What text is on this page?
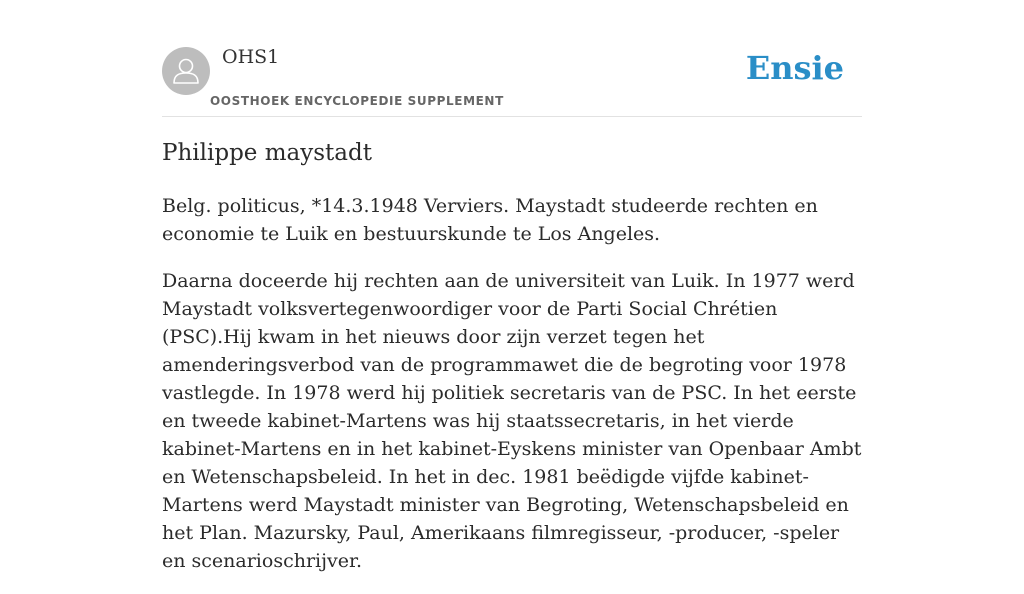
OHS1
OOSTHOEK ENCYCLOPEDIE SUPPLEMENT
Ensie
Philippe maystadt

Belg. politicus, *14.3.1948 Verviers. Maystadt studeerde rechten en economie te Luik en bestuurskunde te Los Angeles.

Daarna doceerde hij rechten aan de universiteit van Luik. In 1977 werd Maystadt volksvertegenwoordiger voor de Parti Social Chrétien (PSC).Hij kwam in het nieuws door zijn verzet tegen het amenderingsverbod van de programmawet die de begroting voor 1978 vastlegde. In 1978 werd hij politiek secretaris van de PSC. In het eerste en tweede kabinet-Martens was hij staatssecretaris, in het vierde kabinet-Martens en in het kabinet-Eyskens minister van Openbaar Ambt en Wetenschapsbeleid. In het in dec. 1981 beëdigde vijfde kabinet-Martens werd Maystadt minister van Begroting, Wetenschapsbeleid en het Plan. Mazursky, Paul, Amerikaans filmregisseur, -producer, -speler en scenarioschrijver.
